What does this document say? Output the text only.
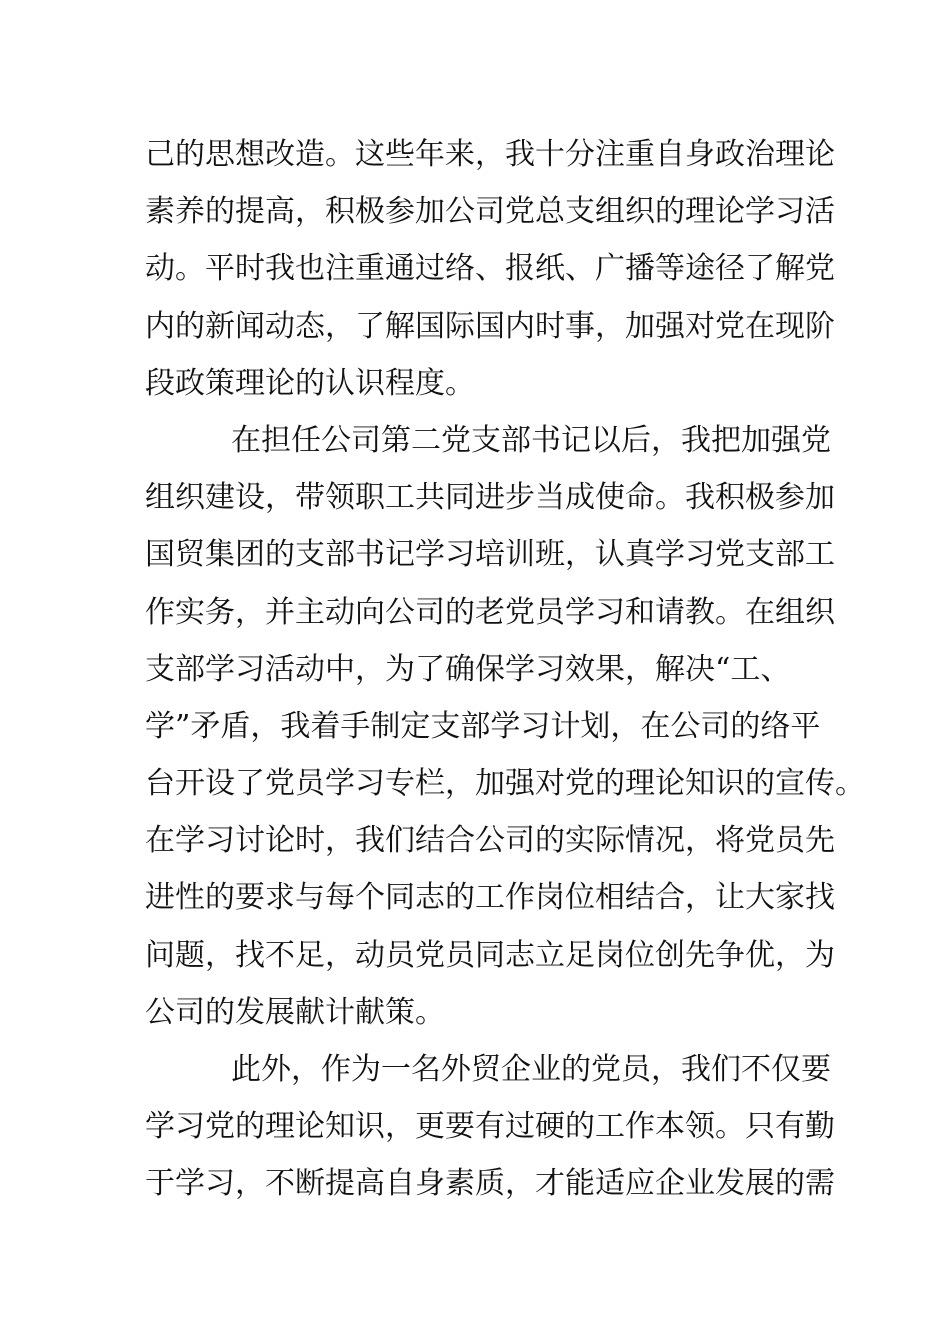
己的思想改造。这些年来，我十分注重自身政治理论
素养的提高，积极参加公司党总支组织的理论学习活
动。平时我也注重通过络、报纸、广播等途径了解党
内的新闻动态，了解国际国内时事，加强对党在现阶
段政策理论的认识程度。
在担任公司第二党支部书记以后，我把加强党
组织建设，带领职工共同进步当成使命。我积极参加
国贸集团的支部书记学习培训班，认真学习党支部工
作实务，并主动向公司的老党员学习和请教。在组织
支部学习活动中，为了确保学习效果，解决“工、
学”矛盾，我着手制定支部学习计划，在公司的络平
台开设了党员学习专栏，加强对党的理论知识的宣传。
在学习讨论时，我们结合公司的实际情况，将党员先
进性的要求与每个同志的工作岗位相结合，让大家找
问题，找不足，动员党员同志立足岗位创先争优，为
公司的发展献计献策。
此外，作为一名外贸企业的党员，我们不仅要
学习党的理论知识，更要有过硬的工作本领。只有勤
于学习，不断提高自身素质，才能适应企业发展的需
